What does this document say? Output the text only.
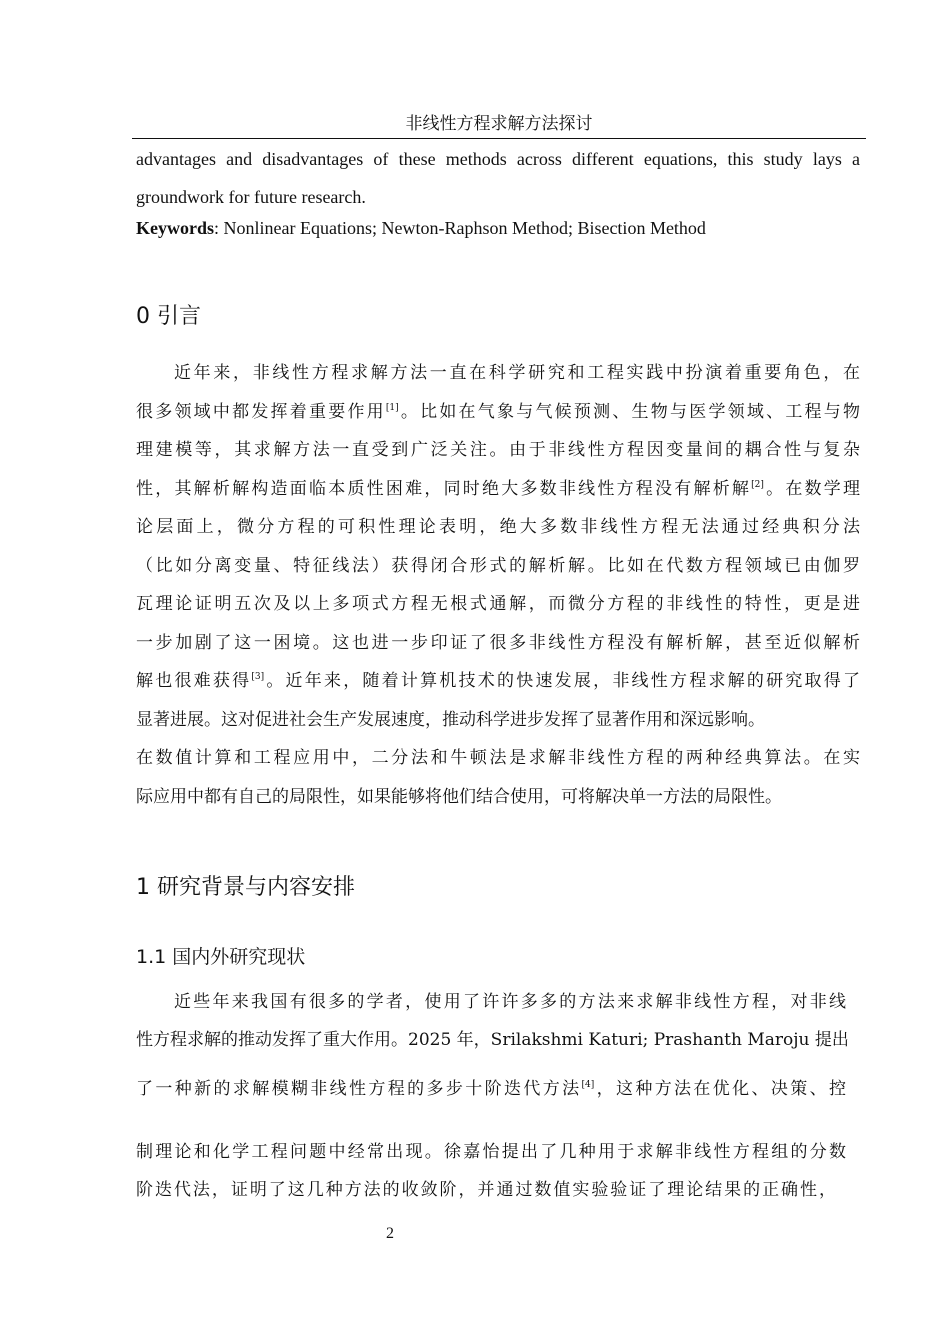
非线性方程求解方法探讨
advantages and disadvantages of these methods across different equations, this study lays a
groundwork for future research.
Keywords: Nonlinear Equations; Newton-Raphson Method; Bisection Method
0 引言
近年来，非线性方程求解方法一直在科学研究和工程实践中扮演着重要角色，在
很多领域中都发挥着重要作用[1]。比如在气象与气候预测、生物与医学领域、工程与物
理建模等，其求解方法一直受到广泛关注。由于非线性方程因变量间的耦合性与复杂
性，其解析解构造面临本质性困难，同时绝大多数非线性方程没有解析解[2]。在数学理
论层面上，微分方程的可积性理论表明，绝大多数非线性方程无法通过经典积分法
（比如分离变量、特征线法）获得闭合形式的解析解。比如在代数方程领域已由伽罗
瓦理论证明五次及以上多项式方程无根式通解，而微分方程的非线性的特性，更是进
一步加剧了这一困境。这也进一步印证了很多非线性方程没有解析解，甚至近似解析
解也很难获得[3]。近年来，随着计算机技术的快速发展，非线性方程求解的研究取得了
显著进展。这对促进社会生产发展速度，推动科学进步发挥了显著作用和深远影响。
在数值计算和工程应用中，二分法和牛顿法是求解非线性方程的两种经典算法。在实
际应用中都有自己的局限性，如果能够将他们结合使用，可将解决单一方法的局限性。
1 研究背景与内容安排
1.1 国内外研究现状
近些年来我国有很多的学者，使用了许许多多的方法来求解非线性方程，对非线
性方程求解的推动发挥了重大作用。2025 年，Srilakshmi Katuri; Prashanth Maroju 提出
了一种新的求解模糊非线性方程的多步十阶迭代方法[4]，这种方法在优化、决策、控
制理论和化学工程问题中经常出现。徐嘉怡提出了几种用于求解非线性方程组的分数
阶迭代法，证明了这几种方法的收敛阶，并通过数值实验验证了理论结果的正确性，
2
